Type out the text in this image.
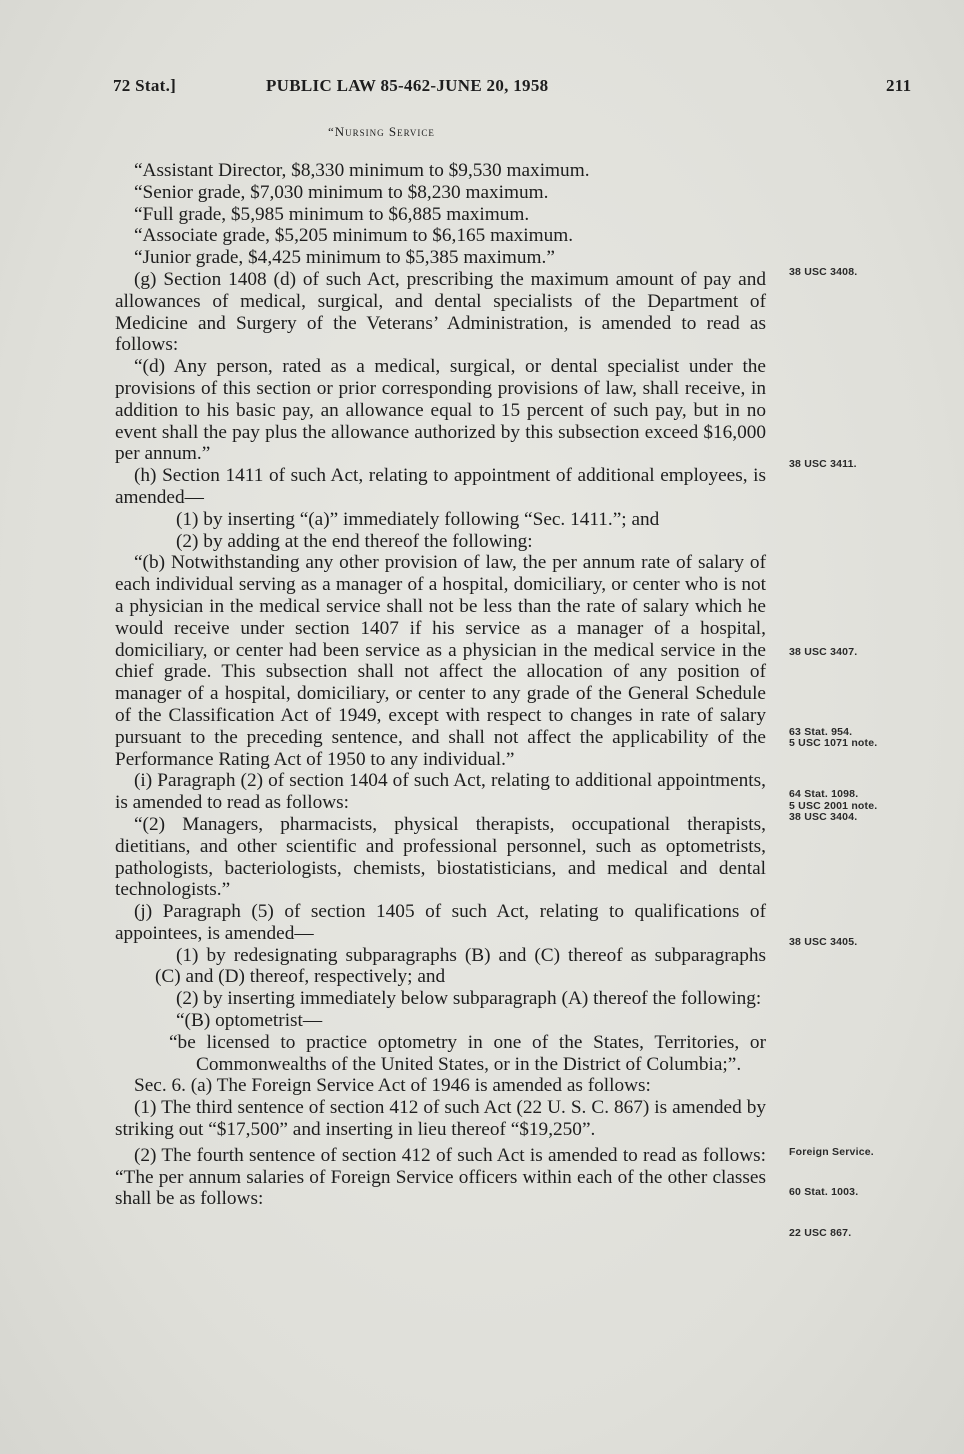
72 Stat.]	PUBLIC LAW 85-462-JUNE 20, 1958	211
“Nursing Service

“Assistant Director, $8,330 minimum to $9,530 maximum.

“Senior grade, $7,030 minimum to $8,230 maximum.

“Full grade, $5,985 minimum to $6,885 maximum.

“Associate grade, $5,205 minimum to $6,165 maximum.

“Junior grade, $4,425 minimum to $5,385 maximum.”

(g) Section 1408 (d) of such Act, prescribing the maximum amount of pay and allowances of medical, surgical, and dental specialists of the Department of Medicine and Surgery of the Veterans’ Administration, is amended to read as follows:

“(d) Any person, rated as a medical, surgical, or dental specialist under the provisions of this section or prior corresponding provisions of law, shall receive, in addition to his basic pay, an allowance equal to 15 percent of such pay, but in no event shall the pay plus the allowance authorized by this subsection exceed $16,000 per annum.”

(h) Section 1411 of such Act, relating to appointment of additional employees, is amended—

(1) by inserting “(a)” immediately following “Sec. 1411.”; and

(2) by adding at the end thereof the following:

“(b) Notwithstanding any other provision of law, the per annum rate of salary of each individual serving as a manager of a hospital, domiciliary, or center who is not a physician in the medical service shall not be less than the rate of salary which he would receive under section 1407 if his service as a manager of a hospital, domiciliary, or center had been service as a physician in the medical service in the chief grade. This subsection shall not affect the allocation of any position of manager of a hospital, domiciliary, or center to any grade of the General Schedule of the Classification Act of 1949, except with respect to changes in rate of salary pursuant to the preceding sentence, and shall not affect the applicability of the Performance Rating Act of 1950 to any individual.”

(i) Paragraph (2) of section 1404 of such Act, relating to additional appointments, is amended to read as follows:

“(2) Managers, pharmacists, physical therapists, occupational therapists, dietitians, and other scientific and professional personnel, such as optometrists, pathologists, bacteriologists, chemists, biostatisticians, and medical and dental technologists.”

(j) Paragraph (5) of section 1405 of such Act, relating to qualifications of appointees, is amended—

(1) by redesignating subparagraphs (B) and (C) thereof as subparagraphs (C) and (D) thereof, respectively; and

(2) by inserting immediately below subparagraph (A) thereof the following:

“(B) optometrist—

“be licensed to practice optometry in one of the States, Territories, or Commonwealths of the United States, or in the District of Columbia;”.

Sec. 6. (a) The Foreign Service Act of 1946 is amended as follows:

(1) The third sentence of section 412 of such Act (22 U. S. C. 867) is amended by striking out “$17,500” and inserting in lieu thereof “$19,250”.

(2) The fourth sentence of section 412 of such Act is amended to read as follows: “The per annum salaries of Foreign Service officers within each of the other classes shall be as follows:

38 USC 3408.
38 USC 3411.
38 USC 3407.
63 Stat. 954.
5 USC 1071 note.
64 Stat. 1098.
5 USC 2001 note.
38 USC 3404.
38 USC 3405.
Foreign Service.
60 Stat. 1003.
22 USC 867.
